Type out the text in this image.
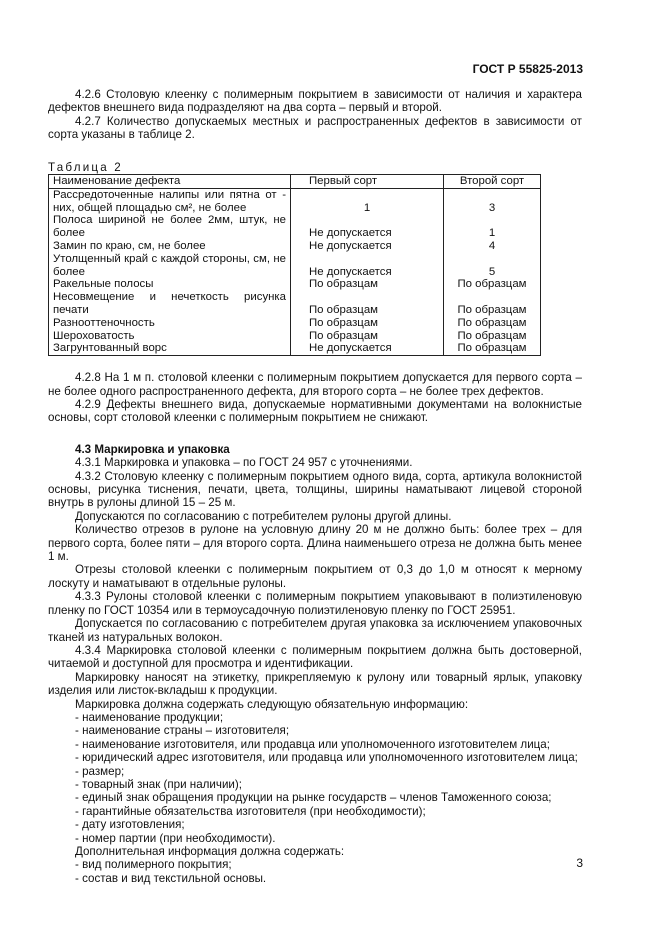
ГОСТ Р 55825-2013

4.2.6 Столовую клеенку с полимерным покрытием в зависимости от наличия и характера дефектов внешнего вида подразделяют на два сорта – первый и второй.

4.2.7 Количество допускаемых местных и распространенных дефектов в зависимости от сорта указаны в таблице 2.

Таблица 2

Наименование дефекта	Первый сорт	Второй сорт
Рассредоточенные налипы или пятна от - них, общей площадью см², не более	1	3
Полоса шириной не более 2мм, штук, не более	Не допускается	1
Замин по краю, см, не более	Не допускается	4
Утолщенный край с каждой стороны, см, не более	Не допускается	5
Ракельные полосы	По образцам	По образцам
Несовмещение и нечеткость рисунка печати	По образцам	По образцам
Разнооттеночность	По образцам	По образцам
Шероховатость	По образцам	По образцам
Загрунтованный ворс	Не допускается	По образцам

4.2.8 На 1 м п. столовой клеенки с полимерным покрытием допускается для первого сорта – не более одного распространенного дефекта, для второго сорта – не более трех дефектов.

4.2.9 Дефекты внешнего вида, допускаемые нормативными документами на волокнистые основы, сорт столовой клеенки с полимерным покрытием не снижают.

4.3 Маркировка и упаковка

4.3.1 Маркировка и упаковка – по ГОСТ 24 957 с уточнениями.

4.3.2 Столовую клеенку с полимерным покрытием одного вида, сорта, артикула волокнистой основы, рисунка тиснения, печати, цвета, толщины, ширины наматывают лицевой стороной внутрь в рулоны длиной 15 – 25 м.

Допускаются по согласованию с потребителем рулоны другой длины.

Количество отрезов в рулоне на условную длину 20 м не должно быть: более трех – для первого сорта, более пяти – для второго сорта. Длина наименьшего отреза не должна быть менее 1 м.

Отрезы столовой клеенки с полимерным покрытием от 0,3 до 1,0 м относят к мерному лоскуту и наматывают в отдельные рулоны.

4.3.3 Рулоны столовой клеенки с полимерным покрытием упаковывают в полиэтиленовую пленку по ГОСТ 10354 или в термоусадочную полиэтиленовую пленку по ГОСТ 25951.

Допускается по согласованию с потребителем другая упаковка за исключением упаковочных тканей из натуральных волокон.

4.3.4 Маркировка столовой клеенки с полимерным покрытием должна быть достоверной, читаемой и доступной для просмотра и идентификации.

Маркировку наносят на этикетку, прикрепляемую к рулону или товарный ярлык, упаковку изделия или листок-вкладыш к продукции.

Маркировка должна содержать следующую обязательную информацию:

- наименование продукции;

- наименование страны – изготовителя;

- наименование изготовителя, или продавца или уполномоченного изготовителем лица;

- юридический адрес изготовителя, или продавца или уполномоченного изготовителем лица;

- размер;

- товарный знак (при наличии);

- единый знак обращения продукции на рынке государств – членов Таможенного союза;

- гарантийные обязательства изготовителя (при необходимости);

- дату изготовления;

- номер партии (при необходимости).

Дополнительная информация должна содержать:

- вид полимерного покрытия;

- состав и вид текстильной основы.

3
